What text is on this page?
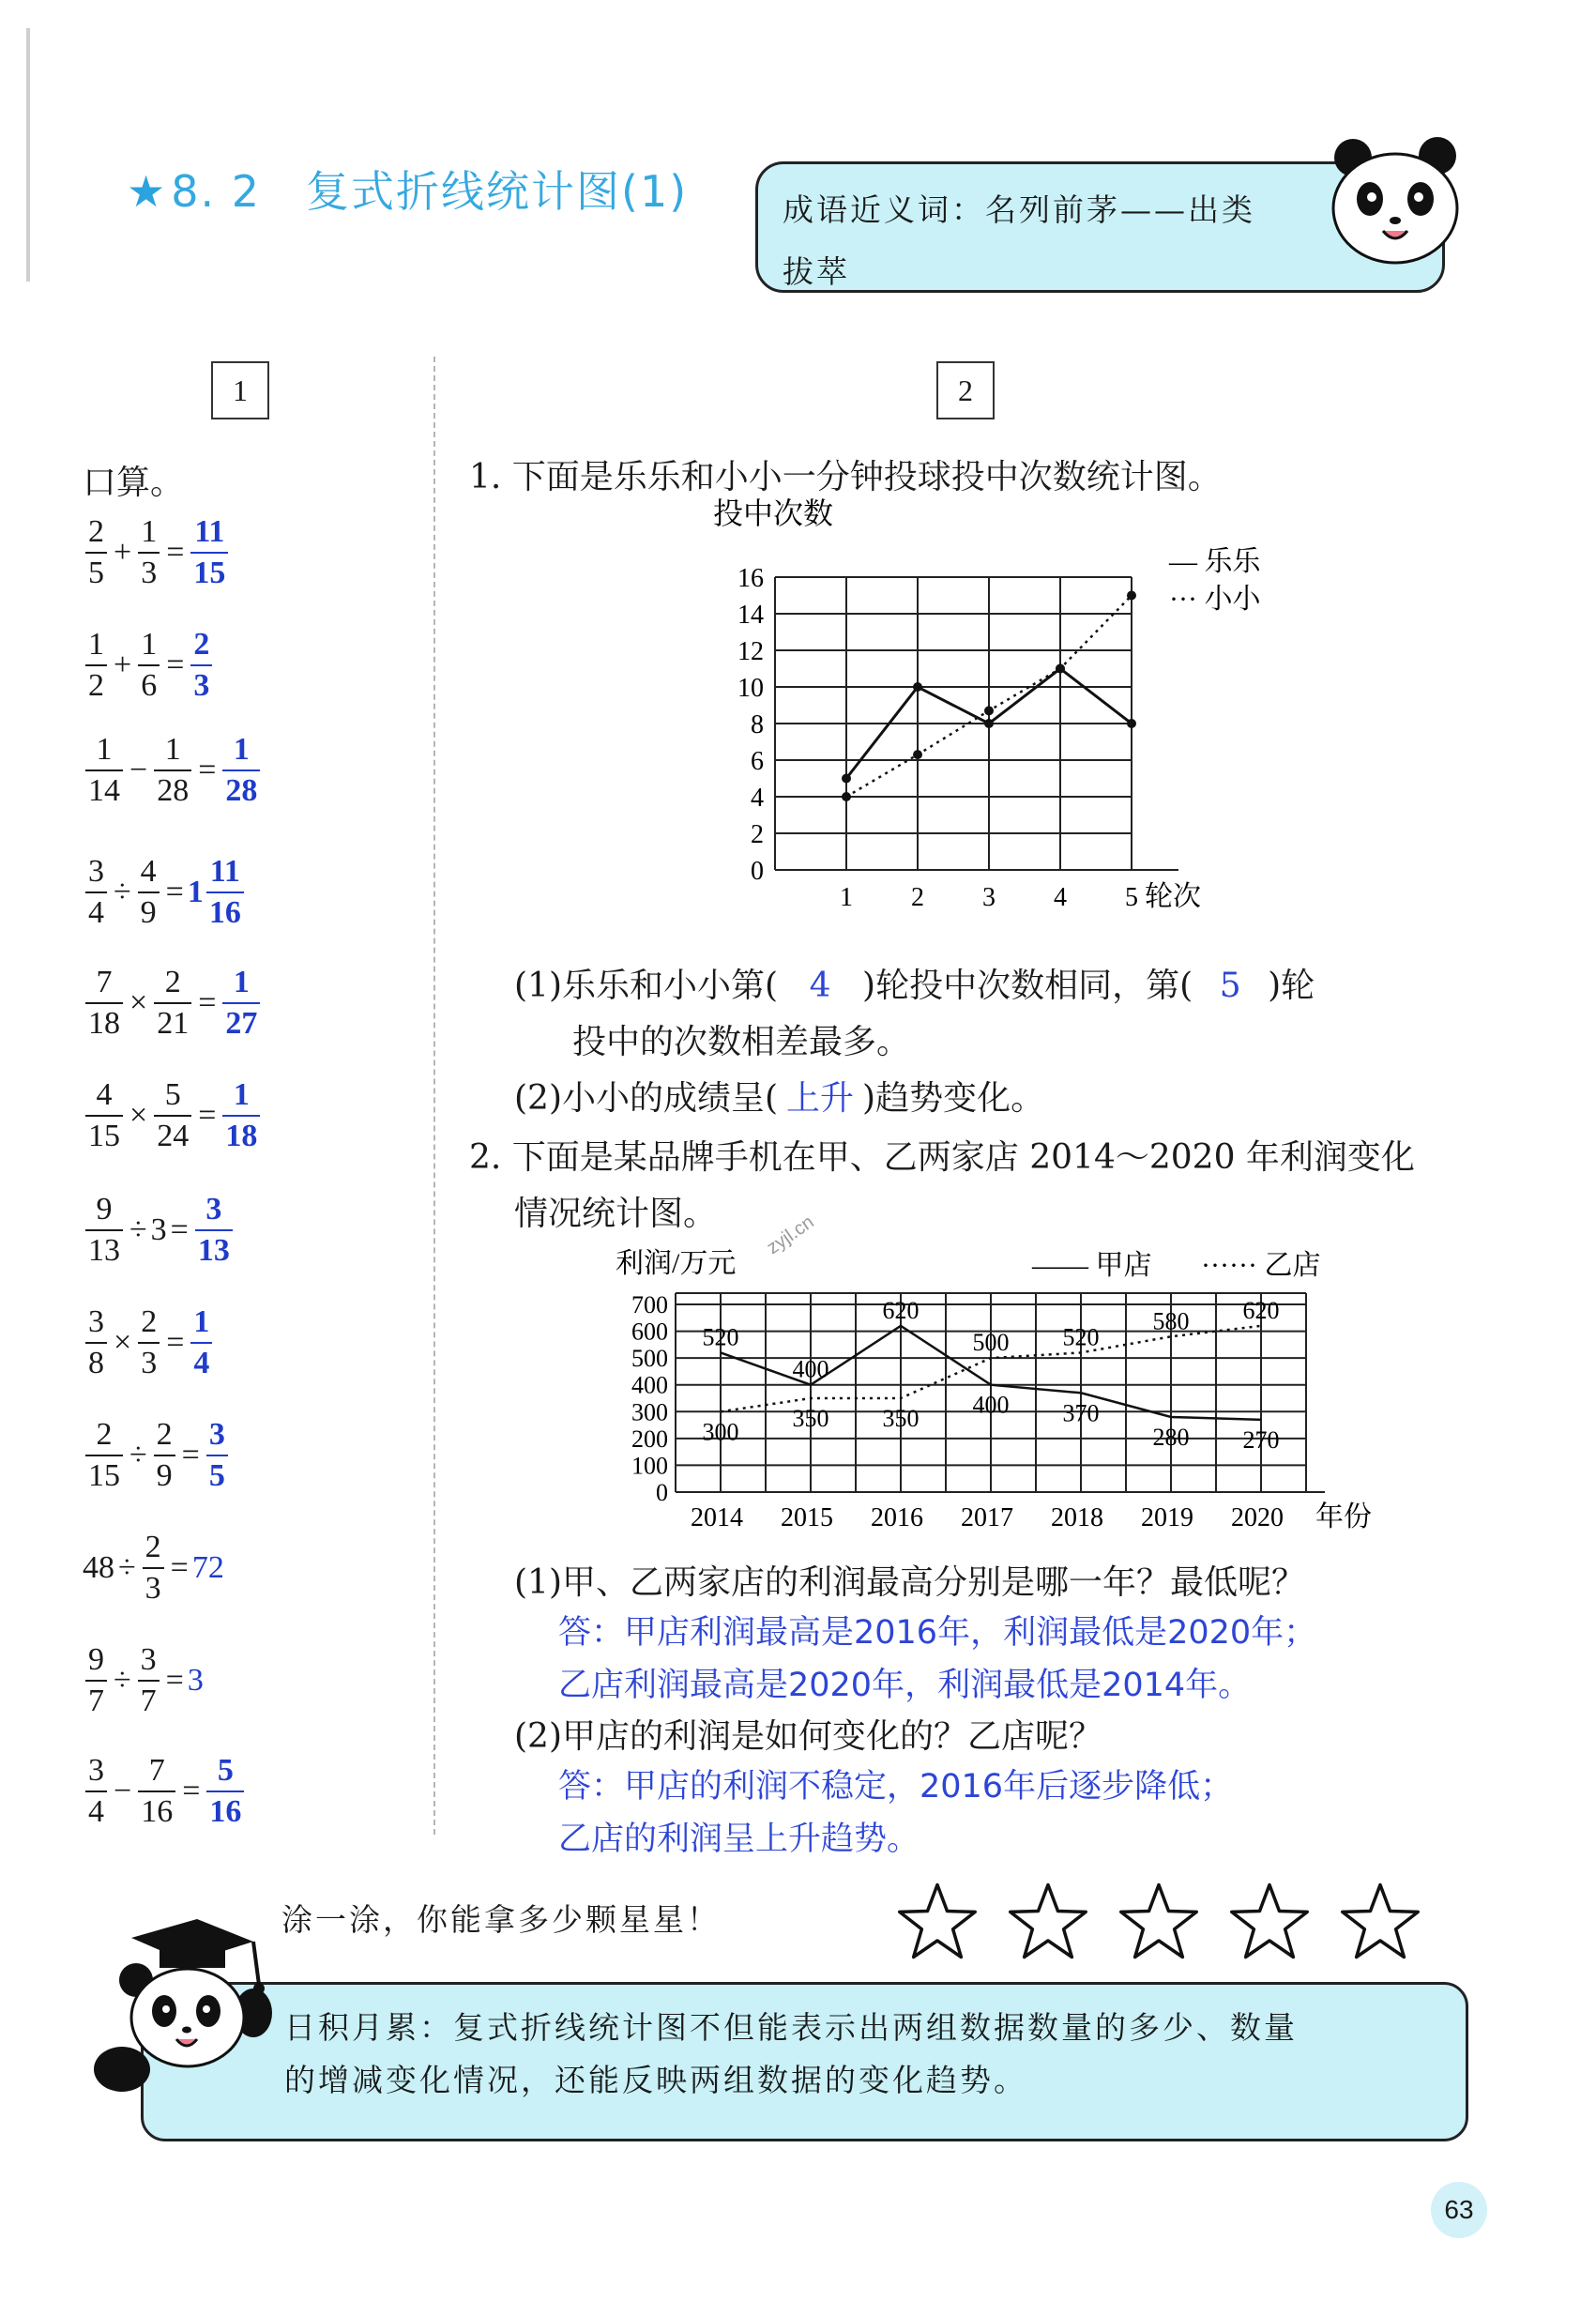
★8. 2　复式折线统计图(1)	成语近义词：名列前茅——出类
拔萃
1	2
口算。
$\frac{2}{5} + \frac{1}{3} = \frac{11}{15}$
$\frac{1}{2} + \frac{1}{6} = \frac{2}{3}$
$\frac{1}{14} - \frac{1}{28} = \frac{1}{28}$
$\frac{3}{4} \div \frac{4}{9} = 1 \frac{11}{16}$
$\frac{7}{18} \times \frac{2}{21} = \frac{1}{27}$
$\frac{4}{15} \times \frac{5}{24} = \frac{1}{18}$
$\frac{9}{13} \div 3 = \frac{3}{13}$
$\frac{3}{8} \times \frac{2}{3} = \frac{1}{4}$
$\frac{2}{15} \div \frac{2}{9} = \frac{3}{5}$
$48 \div \frac{2}{3} = 72$
$\frac{9}{7} \div \frac{3}{7} = 3$
$\frac{3}{4} - \frac{7}{16} = \frac{5}{16}$
1. 下面是乐乐和小小一分钟投球投中次数统计图。
投中次数
0
2
4
6
8
10
12
14
16
1 2 3 4 5 轮次
— 乐乐
··· 小小
(1)乐乐和小小第( 4 )轮投中次数相同，第( 5 )轮
投中的次数相差最多。
(2)小小的成绩呈( 上升 )趋势变化。
2. 下面是某品牌手机在甲、乙两家店 2014～2020 年利润变化
情况统计图。 zyjl.cn
利润/万元
0
100
200
300
400
500
600
700
2014 2015 2016 2017 2018 2019 2020 年份
—— 甲店 ······ 乙店
520
400
620
400 370
280 270
300 350 350
500 520
580 620
(1)甲、乙两家店的利润最高分别是哪一年？最低呢？
答：甲店利润最高是2016年，利润最低是2020年；
乙店利润最高是2020年，利润最低是2014年。
(2)甲店的利润是如何变化的？乙店呢？
答：甲店的利润不稳定，2016年后逐步降低；
乙店的利润呈上升趋势。
涂一涂，你能拿多少颗星星！
日积月累：复式折线统计图不但能表示出两组数据数量的多少、数量
的增减变化情况，还能反映两组数据的变化趋势。
63
